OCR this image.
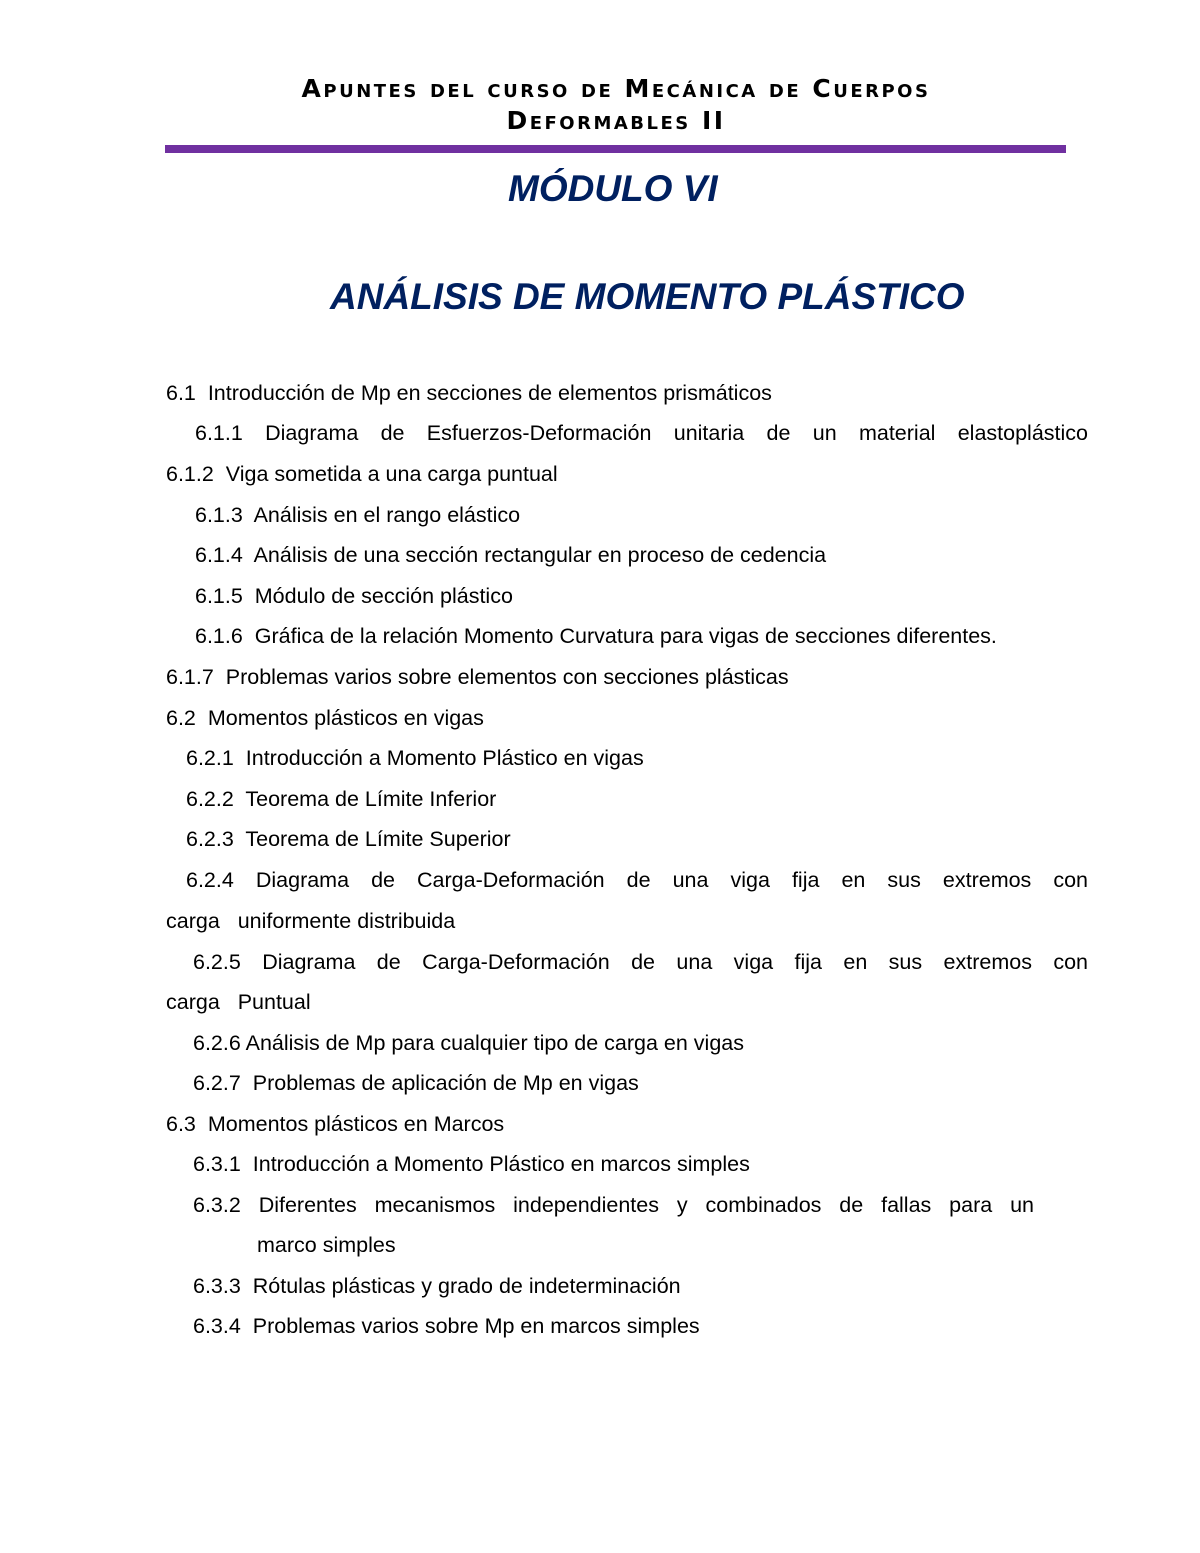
Apuntes del curso de Mecánica de Cuerpos
Deformables II
MÓDULO VI
ANÁLISIS DE MOMENTO PLÁSTICO
6.1  Introducción de Mp en secciones de elementos prismáticos
6.1.1 Diagrama de Esfuerzos-Deformación unitaria de un material elastoplástico
6.1.2  Viga sometida a una carga puntual
6.1.3  Análisis en el rango elástico
6.1.4  Análisis de una sección rectangular en proceso de cedencia
6.1.5  Módulo de sección plástico
6.1.6  Gráfica de la relación Momento Curvatura para vigas de secciones diferentes.
6.1.7  Problemas varios sobre elementos con secciones plásticas
6.2  Momentos plásticos en vigas
6.2.1  Introducción a Momento Plástico en vigas
6.2.2  Teorema de Límite Inferior
6.2.3  Teorema de Límite Superior
6.2.4 Diagrama de Carga-Deformación de una viga fija en sus extremos con
carga   uniformente distribuida
6.2.5 Diagrama de Carga-Deformación de una viga fija en sus extremos con
carga   Puntual
6.2.6 Análisis de Mp para cualquier tipo de carga en vigas
6.2.7  Problemas de aplicación de Mp en vigas
6.3  Momentos plásticos en Marcos
6.3.1  Introducción a Momento Plástico en marcos simples
6.3.2 Diferentes mecanismos independientes y combinados de fallas para un
marco simples
6.3.3  Rótulas plásticas y grado de indeterminación
6.3.4  Problemas varios sobre Mp en marcos simples
